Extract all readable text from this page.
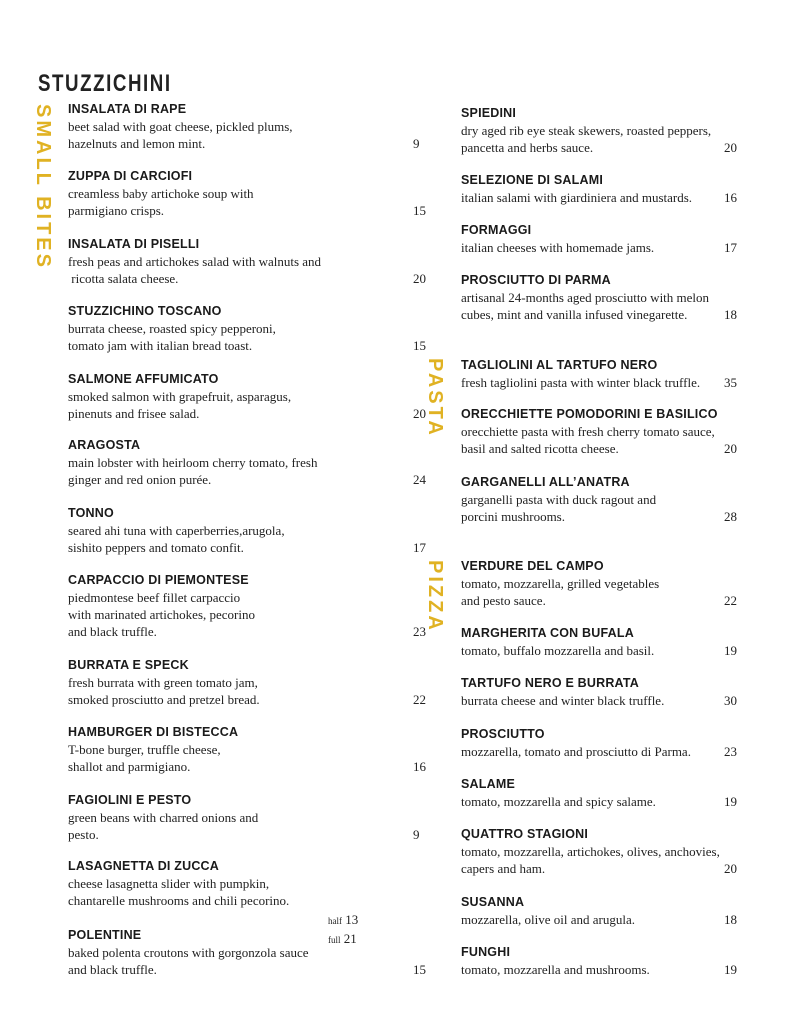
STUZZICHINI
SMALL BITES
PASTA
PIZZA
INSALATA DI RAPE
beet salad with goat cheese, pickled plums,
hazelnuts and lemon mint.	9
ZUPPA DI CARCIOFI
creamless baby artichoke soup with
parmigiano crisps.	15
INSALATA DI PISELLI
fresh peas and artichokes salad with walnuts and
ricotta salata cheese.	20
STUZZICHINO TOSCANO
burrata cheese, roasted spicy pepperoni,
tomato jam with italian bread toast.	15
SALMONE AFFUMICATO
smoked salmon with grapefruit, asparagus,
pinenuts and frisee salad.	20
ARAGOSTA
main lobster with heirloom cherry tomato, fresh
ginger and red onion purée.	24
TONNO
seared ahi tuna with caperberries,arugola,
sishito peppers and tomato confit.	17
CARPACCIO DI PIEMONTESE
piedmontese beef fillet carpaccio
with marinated artichokes, pecorino
and black truffle.	23
BURRATA E SPECK
fresh burrata with green tomato jam,
smoked prosciutto and pretzel bread.	22
HAMBURGER DI BISTECCA
T-bone burger, truffle cheese,
shallot and parmigiano.	16
FAGIOLINI E PESTO
green beans with charred onions and
pesto.	9
LASAGNETTA DI ZUCCA
cheese lasagnetta slider with pumpkin,
chantarelle mushrooms and chili pecorino.
half 13 full 21
POLENTINE
baked polenta croutons with gorgonzola sauce
and black truffle.	15
SPIEDINI
dry aged rib eye steak skewers, roasted peppers,
pancetta and herbs sauce.	20
SELEZIONE DI SALAMI
italian salami with giardiniera and mustards.	16
FORMAGGI
italian cheeses with homemade jams.	17
PROSCIUTTO DI PARMA
artisanal 24-months aged prosciutto with melon
cubes, mint and vanilla infused vinegarette.	18
TAGLIOLINI AL TARTUFO NERO
fresh tagliolini pasta with winter black truffle.	35
ORECCHIETTE POMODORINI E BASILICO
orecchiette pasta with fresh cherry tomato sauce,
basil and salted ricotta cheese.	20
GARGANELLI ALL’ANATRA
garganelli pasta with duck ragout and
porcini mushrooms.	28
VERDURE DEL CAMPO
tomato, mozzarella, grilled vegetables
and pesto sauce.	22
MARGHERITA CON BUFALA
tomato, buffalo mozzarella and basil.	19
TARTUFO NERO E BURRATA
burrata cheese and winter black truffle.	30
PROSCIUTTO
mozzarella, tomato and prosciutto di Parma.	23
SALAME
tomato, mozzarella and spicy salame.	19
QUATTRO STAGIONI
tomato, mozzarella, artichokes, olives, anchovies,
capers and ham.	20
SUSANNA
mozzarella, olive oil and arugula.	18
FUNGHI
tomato, mozzarella and mushrooms.	19
